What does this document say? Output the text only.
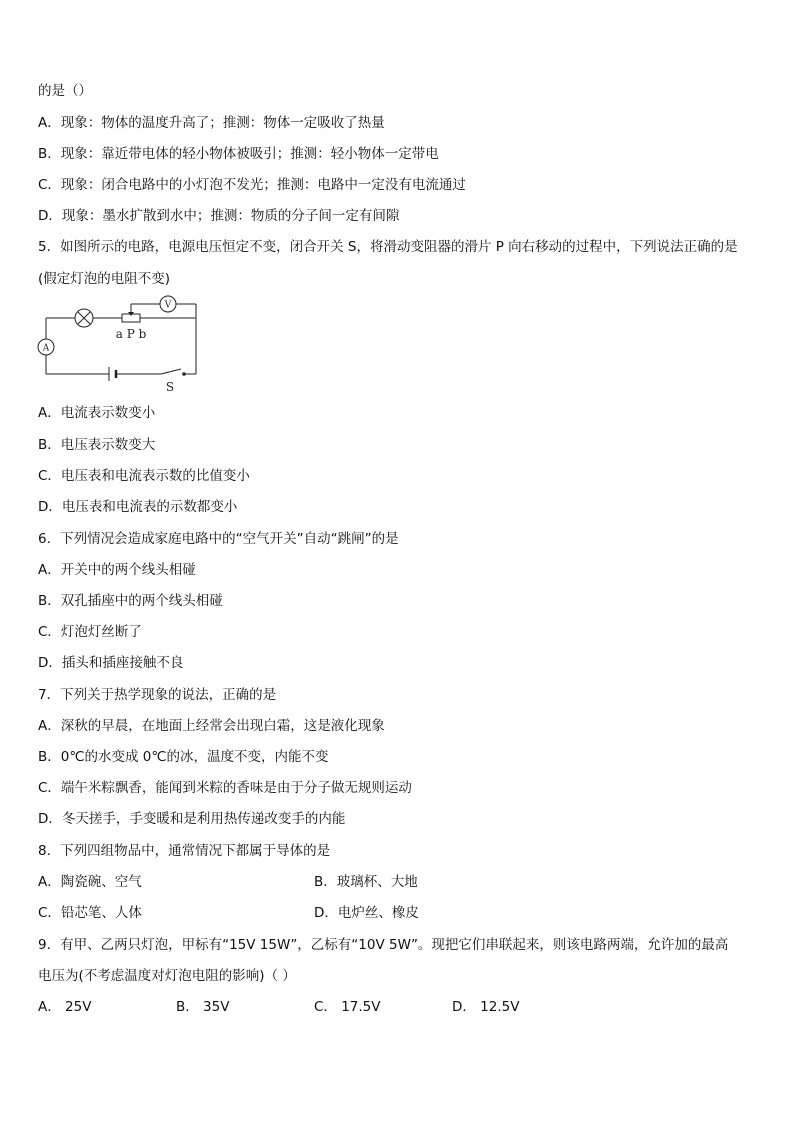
的是（）
A．现象：物体的温度升高了；推测：物体一定吸收了热量
B．现象：靠近带电体的轻小物体被吸引；推测：轻小物体一定带电
C．现象：闭合电路中的小灯泡不发光；推测：电路中一定没有电流通过
D．现象：墨水扩散到水中；推测：物质的分子间一定有间隙
5．如图所示的电路，电源电压恒定不变，闭合开关 S，将滑动变阻器的滑片 P 向右移动的过程中，下列说法正确的是
(假定灯泡的电阻不变)
V
A
a P b
S
A．电流表示数变小
B．电压表示数变大
C．电压表和电流表示数的比值变小
D．电压表和电流表的示数都变小
6．下列情况会造成家庭电路中的“空气开关”自动“跳闸”的是
A．开关中的两个线头相碰
B．双孔插座中的两个线头相碰
C．灯泡灯丝断了
D．插头和插座接触不良
7．下列关于热学现象的说法，正确的是
A．深秋的早晨，在地面上经常会出现白霜，这是液化现象
B．0℃的水变成 0℃的冰，温度不变，内能不变
C．端午米粽飘香，能闻到米粽的香味是由于分子做无规则运动
D．冬天搓手，手变暖和是利用热传递改变手的内能
8．下列四组物品中，通常情况下都属于导体的是
A．陶瓷碗、空气	B．玻璃杯、大地
C．铅芯笔、人体	D．电炉丝、橡皮
9．有甲、乙两只灯泡，甲标有“15V 15W”，乙标有“10V 5W”。现把它们串联起来，则该电路两端，允许加的最高
电压为(不考虑温度对灯泡电阻的影响)（ ）
A． 25V	B． 35V	C． 17.5V	D． 12.5V
